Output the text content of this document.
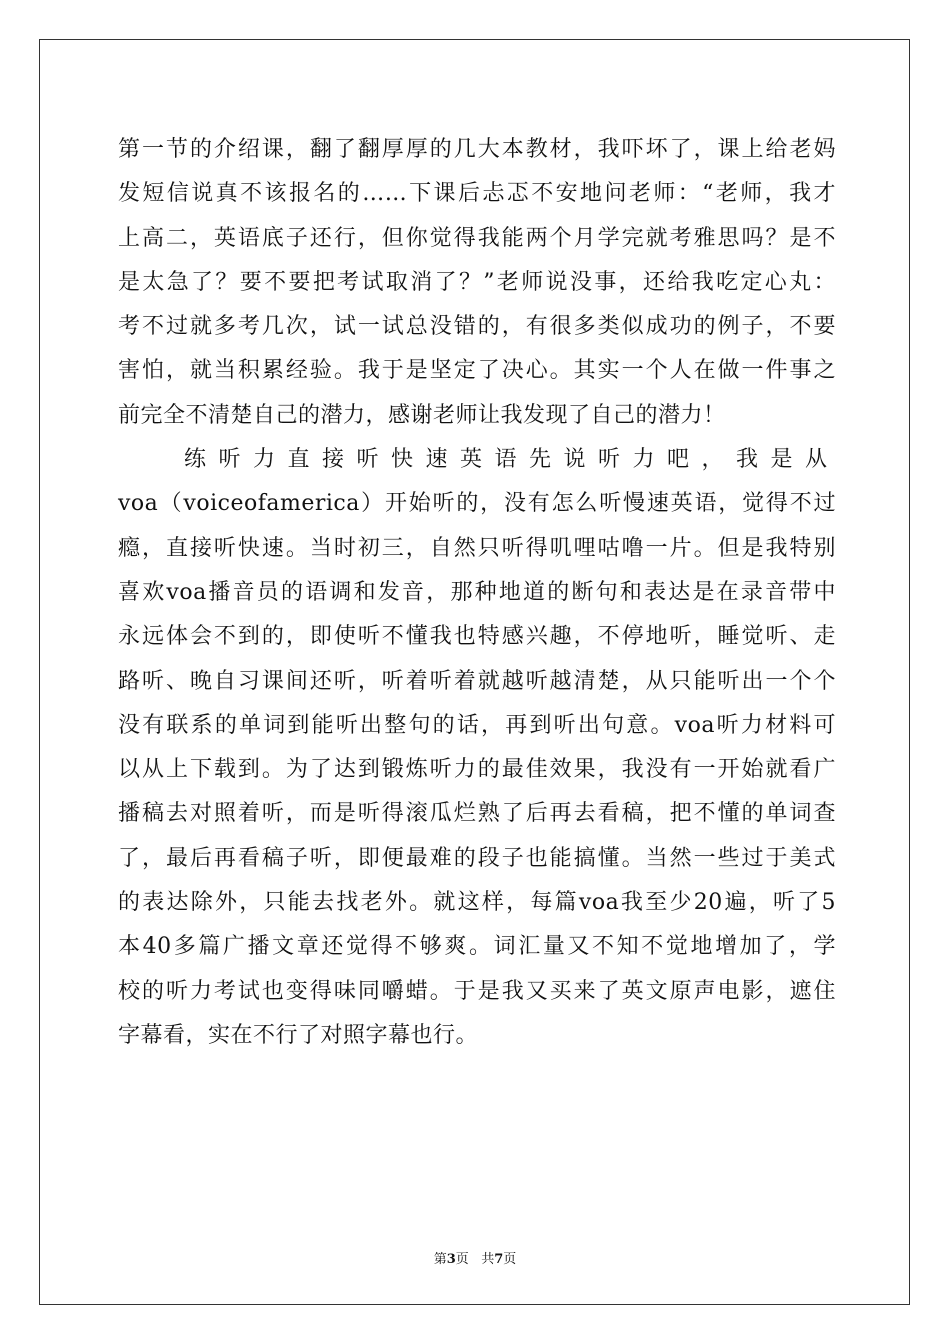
第一节的介绍课，翻了翻厚厚的几大本教材，我吓坏了，课上给老妈
发短信说真不该报名的……下课后忐忑不安地问老师：“老师，我才
上高二，英语底子还行，但你觉得我能两个月学完就考雅思吗？是不
是太急了？要不要把考试取消了？”老师说没事，还给我吃定心丸：
考不过就多考几次，试一试总没错的，有很多类似成功的例子，不要
害怕，就当积累经验。我于是坚定了决心。其实一个人在做一件事之
前完全不清楚自己的潜力，感谢老师让我发现了自己的潜力！
练听力直接听快速英语先说听力吧，我是从
voa（voiceofamerica）开始听的，没有怎么听慢速英语，觉得不过
瘾，直接听快速。当时初三，自然只听得叽哩咕噜一片。但是我特别
喜欢voa播音员的语调和发音，那种地道的断句和表达是在录音带中
永远体会不到的，即使听不懂我也特感兴趣，不停地听，睡觉听、走
路听、晚自习课间还听，听着听着就越听越清楚，从只能听出一个个
没有联系的单词到能听出整句的话，再到听出句意。voa听力材料可
以从上下载到。为了达到锻炼听力的最佳效果，我没有一开始就看广
播稿去对照着听，而是听得滚瓜烂熟了后再去看稿，把不懂的单词查
了，最后再看稿子听，即便最难的段子也能搞懂。当然一些过于美式
的表达除外，只能去找老外。就这样，每篇voa我至少20遍，听了5
本40多篇广播文章还觉得不够爽。词汇量又不知不觉地增加了，学
校的听力考试也变得味同嚼蜡。于是我又买来了英文原声电影，遮住
字幕看，实在不行了对照字幕也行。
第3页 共7页
